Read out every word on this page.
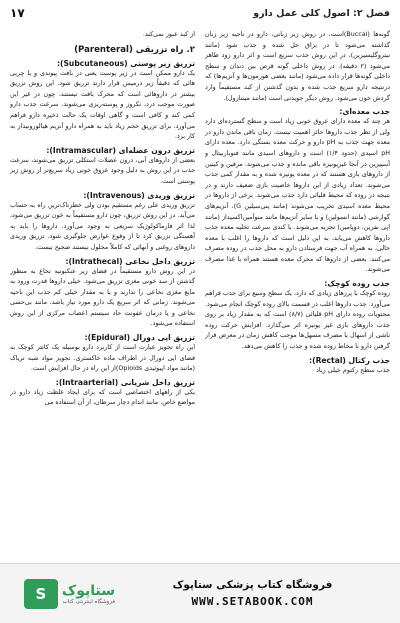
فصل ۲: اصول کلی عمل دارو
۱۷

گونه‌ها (Buccal)است، در روش زیر زبانی، دارو در ناحیه زیر زبان گذاشته می‌شود تا در بزاق حل شده و جذب شود (مانند نیتروگلیسیرین)، در این روش جذب سریع است و اثر دارو زود ظاهر می‌شود (۲ دقیقه). در روش داخلی گونه قرص بین دندان و سطح داخلی گونه‌ها قرار داده می‌شود (مانند بعضی هورمون‌ها و آنزیم‌ها) که درنتیجه دارو سریع جذب شده و بدون گذشتن از کبد مستقیماً وارد گردش خون می‌شود. روش دیگر جویدنی است (مانند مینتازول).

جذب معده‌ای:

هر چند که معده دارای عروق خونی زیاد است و سطح گسترده‌ای دارد ولی از نظر جذب داروها حائز اهمیت نیست. زمان باقی ماندن دارو در معده جهت جذب به pH دارو و حرکت معده بستگی دارد. معده دارای pH اسیدی (حدود ۱/۴) است و داروهای اسیدی مانند فنوباربیتال و آسپیرین در آنجا غیریونیزه باقی مانده و جذب می‌شوند. مرفین و کینین از داروهای بازی هستند که در معده یونیزه شده و به مقدار کمی جذب می‌شوند. تعداد زیادی از این داروها خاصیت بازی ضعیف دارند و در نتیجه در روده که محیط قلیائی دارد جذب می‌شوند. برخی از داروها در محیط معده اسیدی تخریب می‌شوند (مانند پنی‌سیلین G)، آنزیم‌های گوارشی (مانند انسولین) و یا سایر آنزیم‌ها مانند منوآمین‌اکسیداز (مانند اپی نفرین، دوپامین) تجزیه می‌شوند. با کندی سرعت تخلیه معده جذب داروها کاهش می‌یابد، به این دلیل است که داروها را اغلب با معده خالی، به همراه آب جهت فرستادن دارو به محل جذب در روده مصرف می‌کنند. بعضی از داروها که محرک معده هستند همراه با غذا مصرف می‌شوند.

جذب روده کوچک:

روده کوچک با پرزهای زیادی که دارد، یک سطح وسیع برای جذب فراهم می‌آورد. جذب داروها اغلب در قسمت بالای روده کوچک انجام می‌شود. محتویات روده دارای pH قلیائی (۸/۷) است که به مقدار زیاد بر روی جذب داروهای بازی غیر یونیزه اثر می‌گذارد. افزایش حرکت روده ناشی از اسهال یا مصرف مسهل‌ها موجب کاهش زمان در معرض قرار گرفتن دارو با مخاط روده شده و جذب را کاهش می‌دهد.

جذب رکتال (Rectal):

جذب سطح رکتوم خیلی زیاد

از کبد عبور نمی‌کند.

۲. راه تزریقی (Parenteral)
تزریق زیر پوستی (Subcutaneous):

یک دارو ممکن است در زیر پوست یعنی در بافت پیوندی و یا چربی هائی که دقیقاً زیر درمیس قرار دارند تزریق شود. این روش تزریق بیشتر در داروهائی است که محرک بافت نیستند، چون در غیر این صورت موجب درد، نکروز و پوسته‌ریزی می‌شوند. سرعت جذب دارو کمی کند و کافی است و گاهی اوقات یک حالت ذخیره دارو فراهم می‌آورد. برای تزریق حجم زیاد باید به همراه دارو آنزیم هیالورونیداز به کار برد.

تزریق درون عضله‌ای (Intramascular):

بعضی از داروهای آبی، درون عضلات استکلی تزریق می‌شوند، سرعت جذب در این روش به دلیل وجود عروق خونی زیاد سریع‌تر از روش زیر پوستی است.

تزریق وریدی (Intravenous):

تزریق وریدی علی رغم مستقیم بودن ولی خطرناک‌ترین راه به حساب می‌آید. در این روش تزریق، چون دارو مستقیماً به خون تزریق می‌شود، لذا اثر فارماکولوژیک سریعی به وجود می‌آورد. داروها را باید به آهستگی تزریق کرد تا از وقوع عوارض جلوگیری شود. تزریق وریدی داروهای روغنی و آنهائی که کاملاً محلول نیستند صحیح نیست.

تزریق داخل نخاعی (Intrathecal):

در این روش دارو مستقیماً در فضای زیر عنکبوتیه نخاع به منظور گذشتن از سد خونی مغزی تزریق می‌شود. خیلی داروها قدرت ورود به مایع مغزی نخاعی را ندارند و یا به مقدار خیلی کم جذب این ناحیه می‌شوند. زمانی که اثر سریع یک دارو مورد نیاز باشد، مانند بی‌حسی نخاعی و یا درمان عفونت حاد سیستم اعصاب مرکزی از این روش استفاده می‌شود.

تزریق اپی دورال (Epidural):

این راه تجویز عبارت است از کاربرد دارو بوسیله یک کاتتر کوچک به فضای اپی دورال در اطراف ماده خاکستری. تجویز مواد شبه تریاک (مانند مواد اپیوئیدی Opioids)از این راه در حال افزایش است.

تزریق داخل شریانی (Intraarterial):

یکی از راههای اختصاصی است که برای ایجاد غلظت زیاد دارو در مواضع خاص، مانند اندام دچار سرطان، از آن استفاده می

فروشگاه کتاب پزشکی ستاپوک
WWW.SETABOOK.COM
ستاپوک
فروشگاه اینترنتی کتاب
S
